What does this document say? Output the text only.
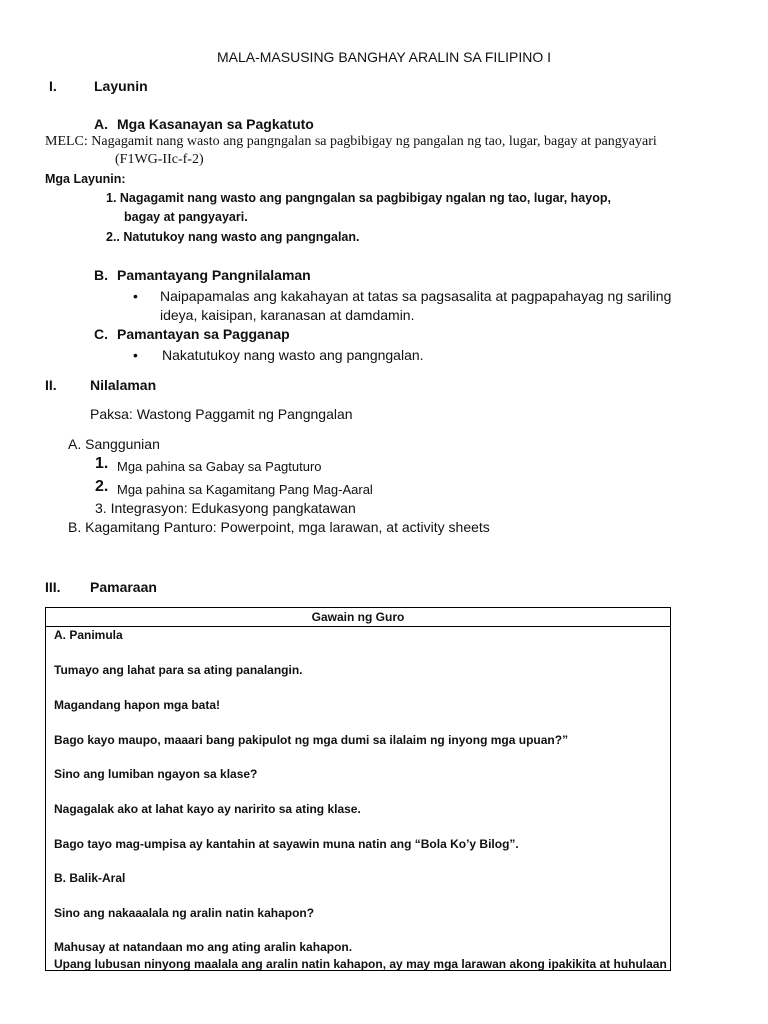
MALA-MASUSING BANGHAY ARALIN SA FILIPINO I
I.	Layunin
A. Mga Kasanayan sa Pagkatuto
MELC: Nagagamit nang wasto ang pangngalan sa pagbibigay ng pangalan ng tao, lugar, bagay at pangyayari
(F1WG-IIc-f-2)
Mga Layunin:
1. Nagagamit nang wasto ang pangngalan sa pagbibigay ngalan ng tao, lugar, hayop,
bagay at pangyayari.
2.. Natutukoy nang wasto ang pangngalan.
B. Pamantayang Pangnilalaman
• Naipapamalas ang kakahayan at tatas sa pagsasalita at pagpapahayag ng sariling
ideya, kaisipan, karanasan at damdamin.
C. Pamantayan sa Pagganap
• Nakatutukoy nang wasto ang pangngalan.
II. Nilalaman
Paksa: Wastong Paggamit ng Pangngalan
A. Sanggunian
1. Mga pahina sa Gabay sa Pagtuturo
2. Mga pahina sa Kagamitang Pang Mag-Aaral
3. Integrasyon: Edukasyong pangkatawan
B. Kagamitang Panturo: Powerpoint, mga larawan, at activity sheets
III. Pamaraan
Gawain ng Guro
A. Panimula
Tumayo ang lahat para sa ating panalangin.
Magandang hapon mga bata!
Bago kayo maupo, maaari bang pakipulot ng mga dumi sa ilalaim ng inyong mga upuan?”
Sino ang lumiban ngayon sa klase?
Nagagalak ako at lahat kayo ay naririto sa ating klase.
Bago tayo mag-umpisa ay kantahin at sayawin muna natin ang “Bola Ko’y Bilog”.
B. Balik-Aral
Sino ang nakaaalala ng aralin natin kahapon?
Mahusay at natandaan mo ang ating aralin kahapon.
Upang lubusan ninyong maalala ang aralin natin kahapon, ay may mga larawan akong ipakikita at huhulaan
